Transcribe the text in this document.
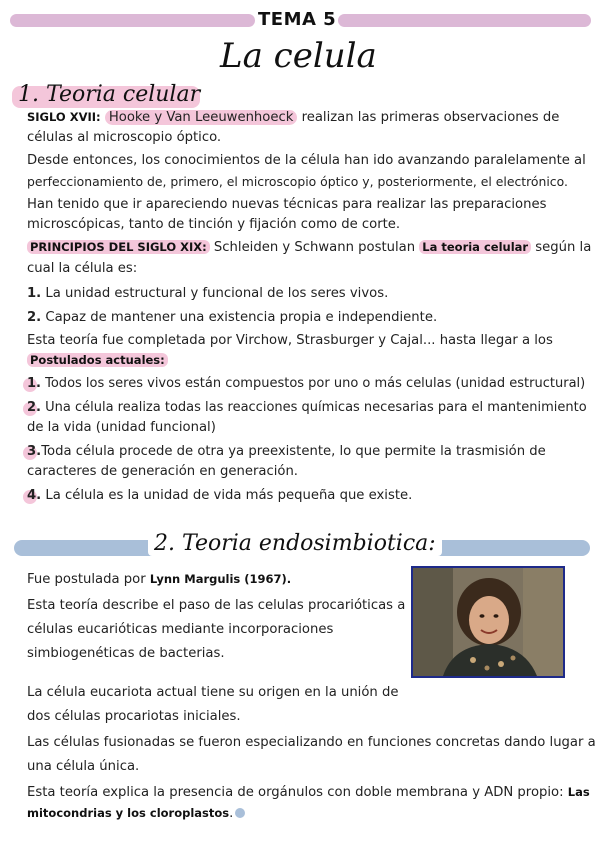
TEMA 5
La celula
1. Teoria celular
SIGLO XVII: Hooke y Van Leeuwenhoeck realizan las primeras observaciones de
células al microscopio óptico.
Desde entonces, los conocimientos de la célula han ido avanzando paralelamente al
perfeccionamiento de, primero, el microscopio óptico y, posteriormente, el electrónico.
Han tenido que ir apareciendo nuevas técnicas para realizar las preparaciones
microscópicas, tanto de tinción y fijación como de corte.
PRINCIPIOS DEL SIGLO XIX: Schleiden y Schwann postulan La teoria celular según la
cual la célula es:
1. La unidad estructural y funcional de los seres vivos.
2. Capaz de mantener una existencia propia e independiente.
Esta teoría fue completada por Virchow, Strasburger y Cajal... hasta llegar a los
Postulados actuales:
1. Todos los seres vivos están compuestos por uno o más celulas (unidad estructural)
2. Una célula realiza todas las reacciones químicas necesarias para el mantenimiento
de la vida (unidad funcional)
3.Toda célula procede de otra ya preexistente, lo que permite la trasmisión de
caracteres de generación en generación.
4. La célula es la unidad de vida más pequeña que existe.
2. Teoria endosimbiotica:
Fue postulada por Lynn Margulis (1967).
Esta teoría describe el paso de las celulas procarióticas a
células eucarióticas mediante incorporaciones
simbiogenéticas de bacterias.
La célula eucariota actual tiene su origen en la unión de
dos células procariotas iniciales.
Las células fusionadas se fueron especializando en funciones concretas dando lugar a
una célula única.
Esta teoría explica la presencia de orgánulos con doble membrana y ADN propio: Las
mitocondrias y los cloroplastos.
